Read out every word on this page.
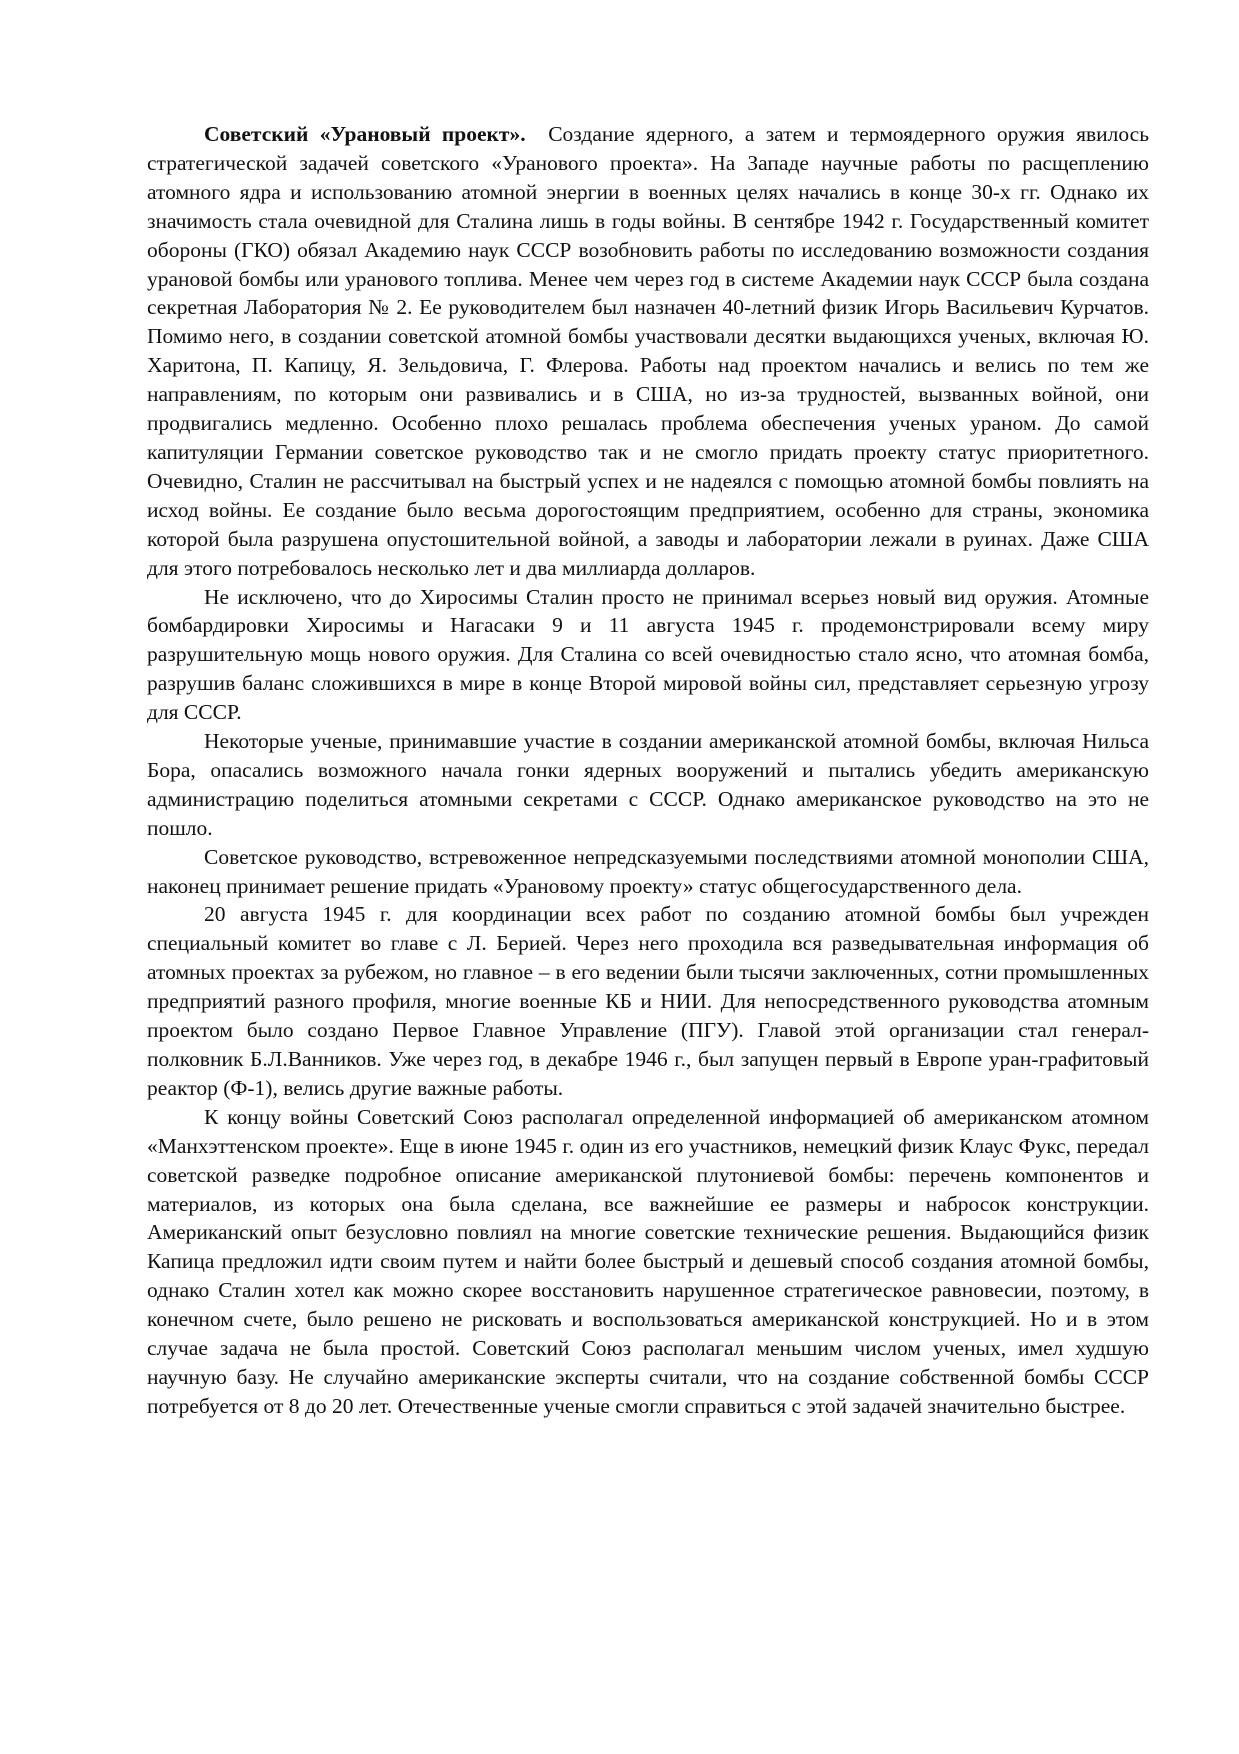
Советский «Урановый проект». Создание ядерного, а затем и термоядерного оружия явилось стратегической задачей советского «Уранового проекта». На Западе научные работы по расщеплению атомного ядра и использованию атомной энергии в военных целях начались в конце 30-х гг. Однако их значимость стала очевидной для Сталина лишь в годы войны. В сентябре 1942 г. Государственный комитет обороны (ГКО) обязал Академию наук СССР возобновить работы по исследованию возможности создания урановой бомбы или уранового топлива. Менее чем через год в системе Академии наук СССР была создана секретная Лаборатория № 2. Ее руководителем был назначен 40-летний физик Игорь Васильевич Курчатов. Помимо него, в создании советской атомной бомбы участвовали десятки выдающихся ученых, включая Ю. Харитона, П. Капицу, Я. Зельдовича, Г. Флерова. Работы над проектом начались и велись по тем же направлениям, по которым они развивались и в США, но из-за трудностей, вызванных войной, они продвигались медленно. Особенно плохо решалась проблема обеспечения ученых ураном. До самой капитуляции Германии советское руководство так и не смогло придать проекту статус приоритетного. Очевидно, Сталин не рассчитывал на быстрый успех и не надеялся с помощью атомной бомбы повлиять на исход войны. Ее создание было весьма дорогостоящим предприятием, особенно для страны, экономика которой была разрушена опустошительной войной, а заводы и лаборатории лежали в руинах. Даже США для этого потребовалось несколько лет и два миллиарда долларов.

Не исключено, что до Хиросимы Сталин просто не принимал всерьез новый вид оружия. Атомные бомбардировки Хиросимы и Нагасаки 9 и 11 августа 1945 г. продемонстрировали всему миру разрушительную мощь нового оружия. Для Сталина со всей очевидностью стало ясно, что атомная бомба, разрушив баланс сложившихся в мире в конце Второй мировой войны сил, представляет серьезную угрозу для СССР.

Некоторые ученые, принимавшие участие в создании американской атомной бомбы, включая Нильса Бора, опасались возможного начала гонки ядерных вооружений и пытались убедить американскую администрацию поделиться атомными секретами с СССР. Однако американское руководство на это не пошло.

Советское руководство, встревоженное непредсказуемыми последствиями атомной монополии США, наконец принимает решение придать «Урановому проекту» статус общегосударственного дела.

20 августа 1945 г. для координации всех работ по созданию атомной бомбы был учрежден специальный комитет во главе с Л. Берией. Через него проходила вся разведывательная информация об атомных проектах за рубежом, но главное – в его ведении были тысячи заключенных, сотни промышленных предприятий разного профиля, многие военные КБ и НИИ. Для непосредственного руководства атомным проектом было создано Первое Главное Управление (ПГУ). Главой этой организации стал генерал-полковник Б.Л.Ванников. Уже через год, в декабре 1946 г., был запущен первый в Европе уран-графитовый реактор (Ф-1), велись другие важные работы.

К концу войны Советский Союз располагал определенной информацией об американском атомном «Манхэттенском проекте». Еще в июне 1945 г. один из его участников, немецкий физик Клаус Фукс, передал советской разведке подробное описание американской плутониевой бомбы: перечень компонентов и материалов, из которых она была сделана, все важнейшие ее размеры и набросок конструкции. Американский опыт безусловно повлиял на многие советские технические решения. Выдающийся физик Капица предложил идти своим путем и найти более быстрый и дешевый способ создания атомной бомбы, однако Сталин хотел как можно скорее восстановить нарушенное стратегическое равновесии, поэтому, в конечном счете, было решено не рисковать и воспользоваться американской конструкцией. Но и в этом случае задача не была простой. Советский Союз располагал меньшим числом ученых, имел худшую научную базу. Не случайно американские эксперты считали, что на создание собственной бомбы СССР потребуется от 8 до 20 лет. Отечественные ученые смогли справиться с этой задачей значительно быстрее.
